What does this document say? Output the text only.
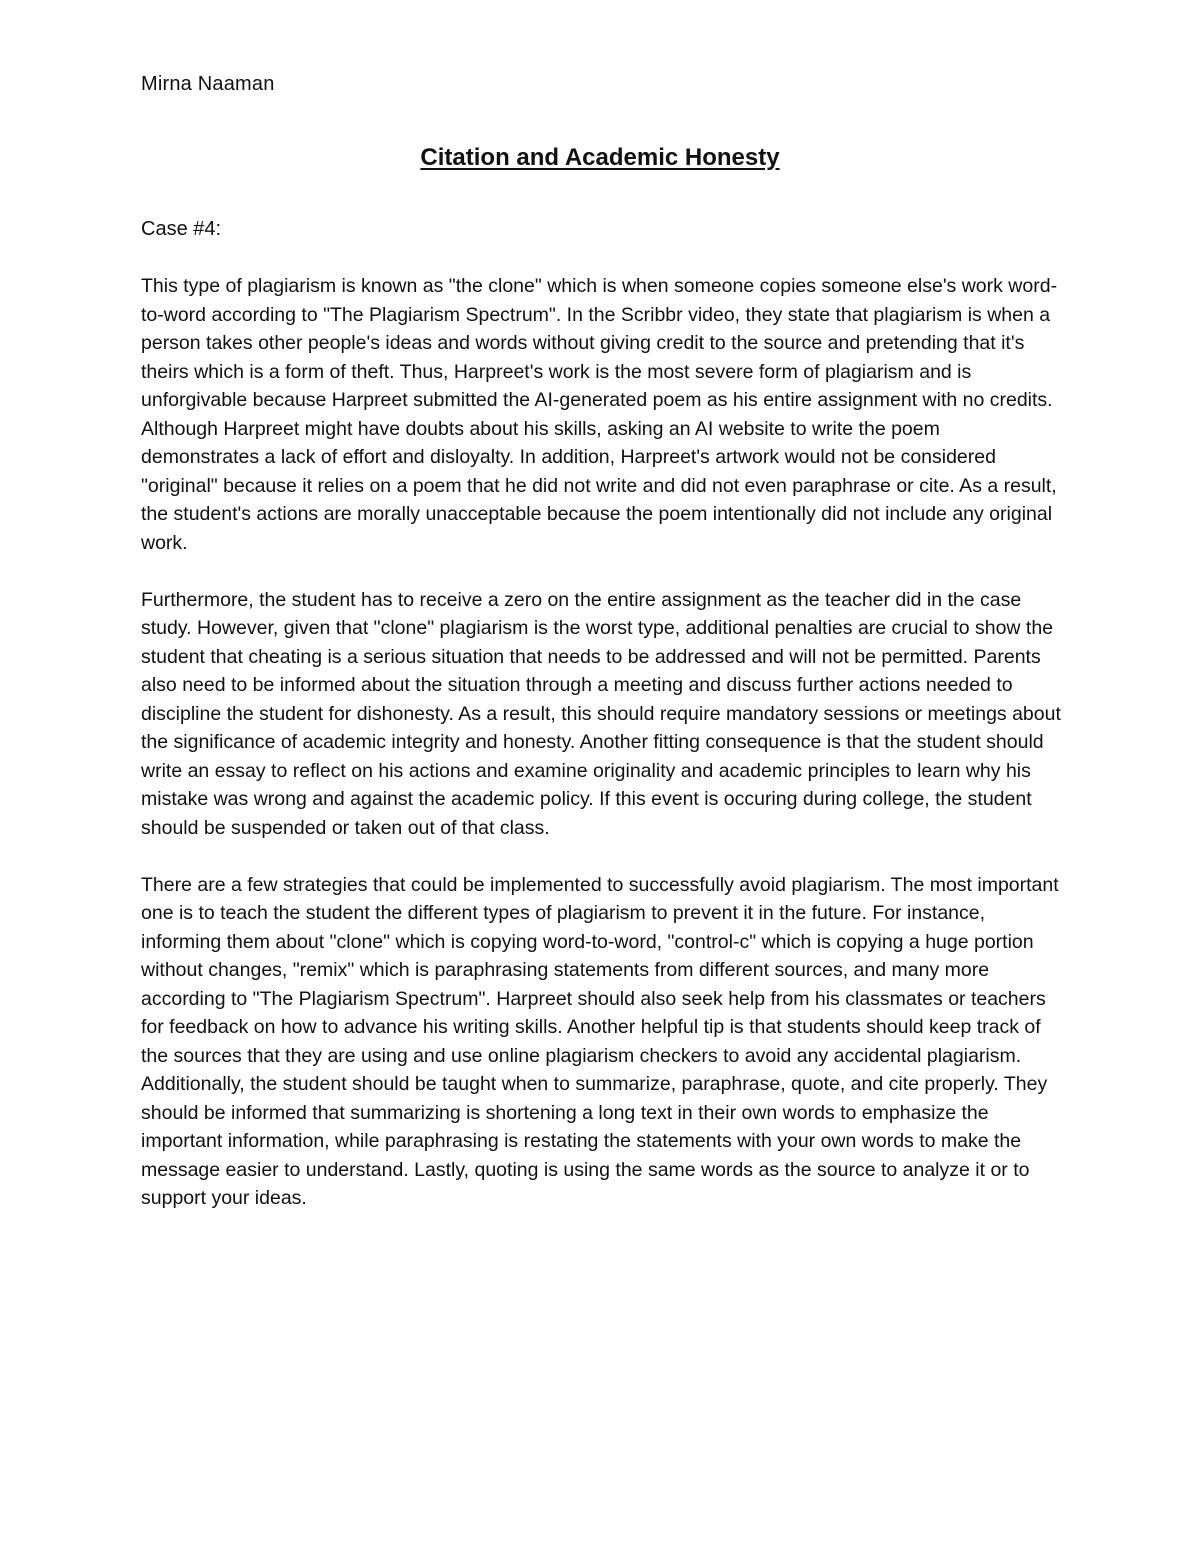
Mirna Naaman
Citation and Academic Honesty
Case #4:

This type of plagiarism is known as "the clone" which is when someone copies someone else's work word-to-word according to "The Plagiarism Spectrum". In the Scribbr video, they state that plagiarism is when a person takes other people's ideas and words without giving credit to the source and pretending that it's theirs which is a form of theft. Thus, Harpreet's work is the most severe form of plagiarism and is unforgivable because Harpreet submitted the AI-generated poem as his entire assignment with no credits. Although Harpreet might have doubts about his skills, asking an AI website to write the poem demonstrates a lack of effort and disloyalty. In addition, Harpreet's artwork would not be considered "original" because it relies on a poem that he did not write and did not even paraphrase or cite. As a result, the student's actions are morally unacceptable because the poem intentionally did not include any original work.

Furthermore, the student has to receive a zero on the entire assignment as the teacher did in the case study. However, given that "clone" plagiarism is the worst type, additional penalties are crucial to show the student that cheating is a serious situation that needs to be addressed and will not be permitted. Parents also need to be informed about the situation through a meeting and discuss further actions needed to discipline the student for dishonesty. As a result, this should require mandatory sessions or meetings about the significance of academic integrity and honesty. Another fitting consequence is that the student should write an essay to reflect on his actions and examine originality and academic principles to learn why his mistake was wrong and against the academic policy. If this event is occuring during college, the student should be suspended or taken out of that class.

There are a few strategies that could be implemented to successfully avoid plagiarism. The most important one is to teach the student the different types of plagiarism to prevent it in the future. For instance, informing them about "clone" which is copying word-to-word, "control-c" which is copying a huge portion without changes, "remix" which is paraphrasing statements from different sources, and many more according to "The Plagiarism Spectrum". Harpreet should also seek help from his classmates or teachers for feedback on how to advance his writing skills. Another helpful tip is that students should keep track of the sources that they are using and use online plagiarism checkers to avoid any accidental plagiarism. Additionally, the student should be taught when to summarize, paraphrase, quote, and cite properly. They should be informed that summarizing is shortening a long text in their own words to emphasize the important information, while paraphrasing is restating the statements with your own words to make the message easier to understand. Lastly, quoting is using the same words as the source to analyze it or to support your ideas.
